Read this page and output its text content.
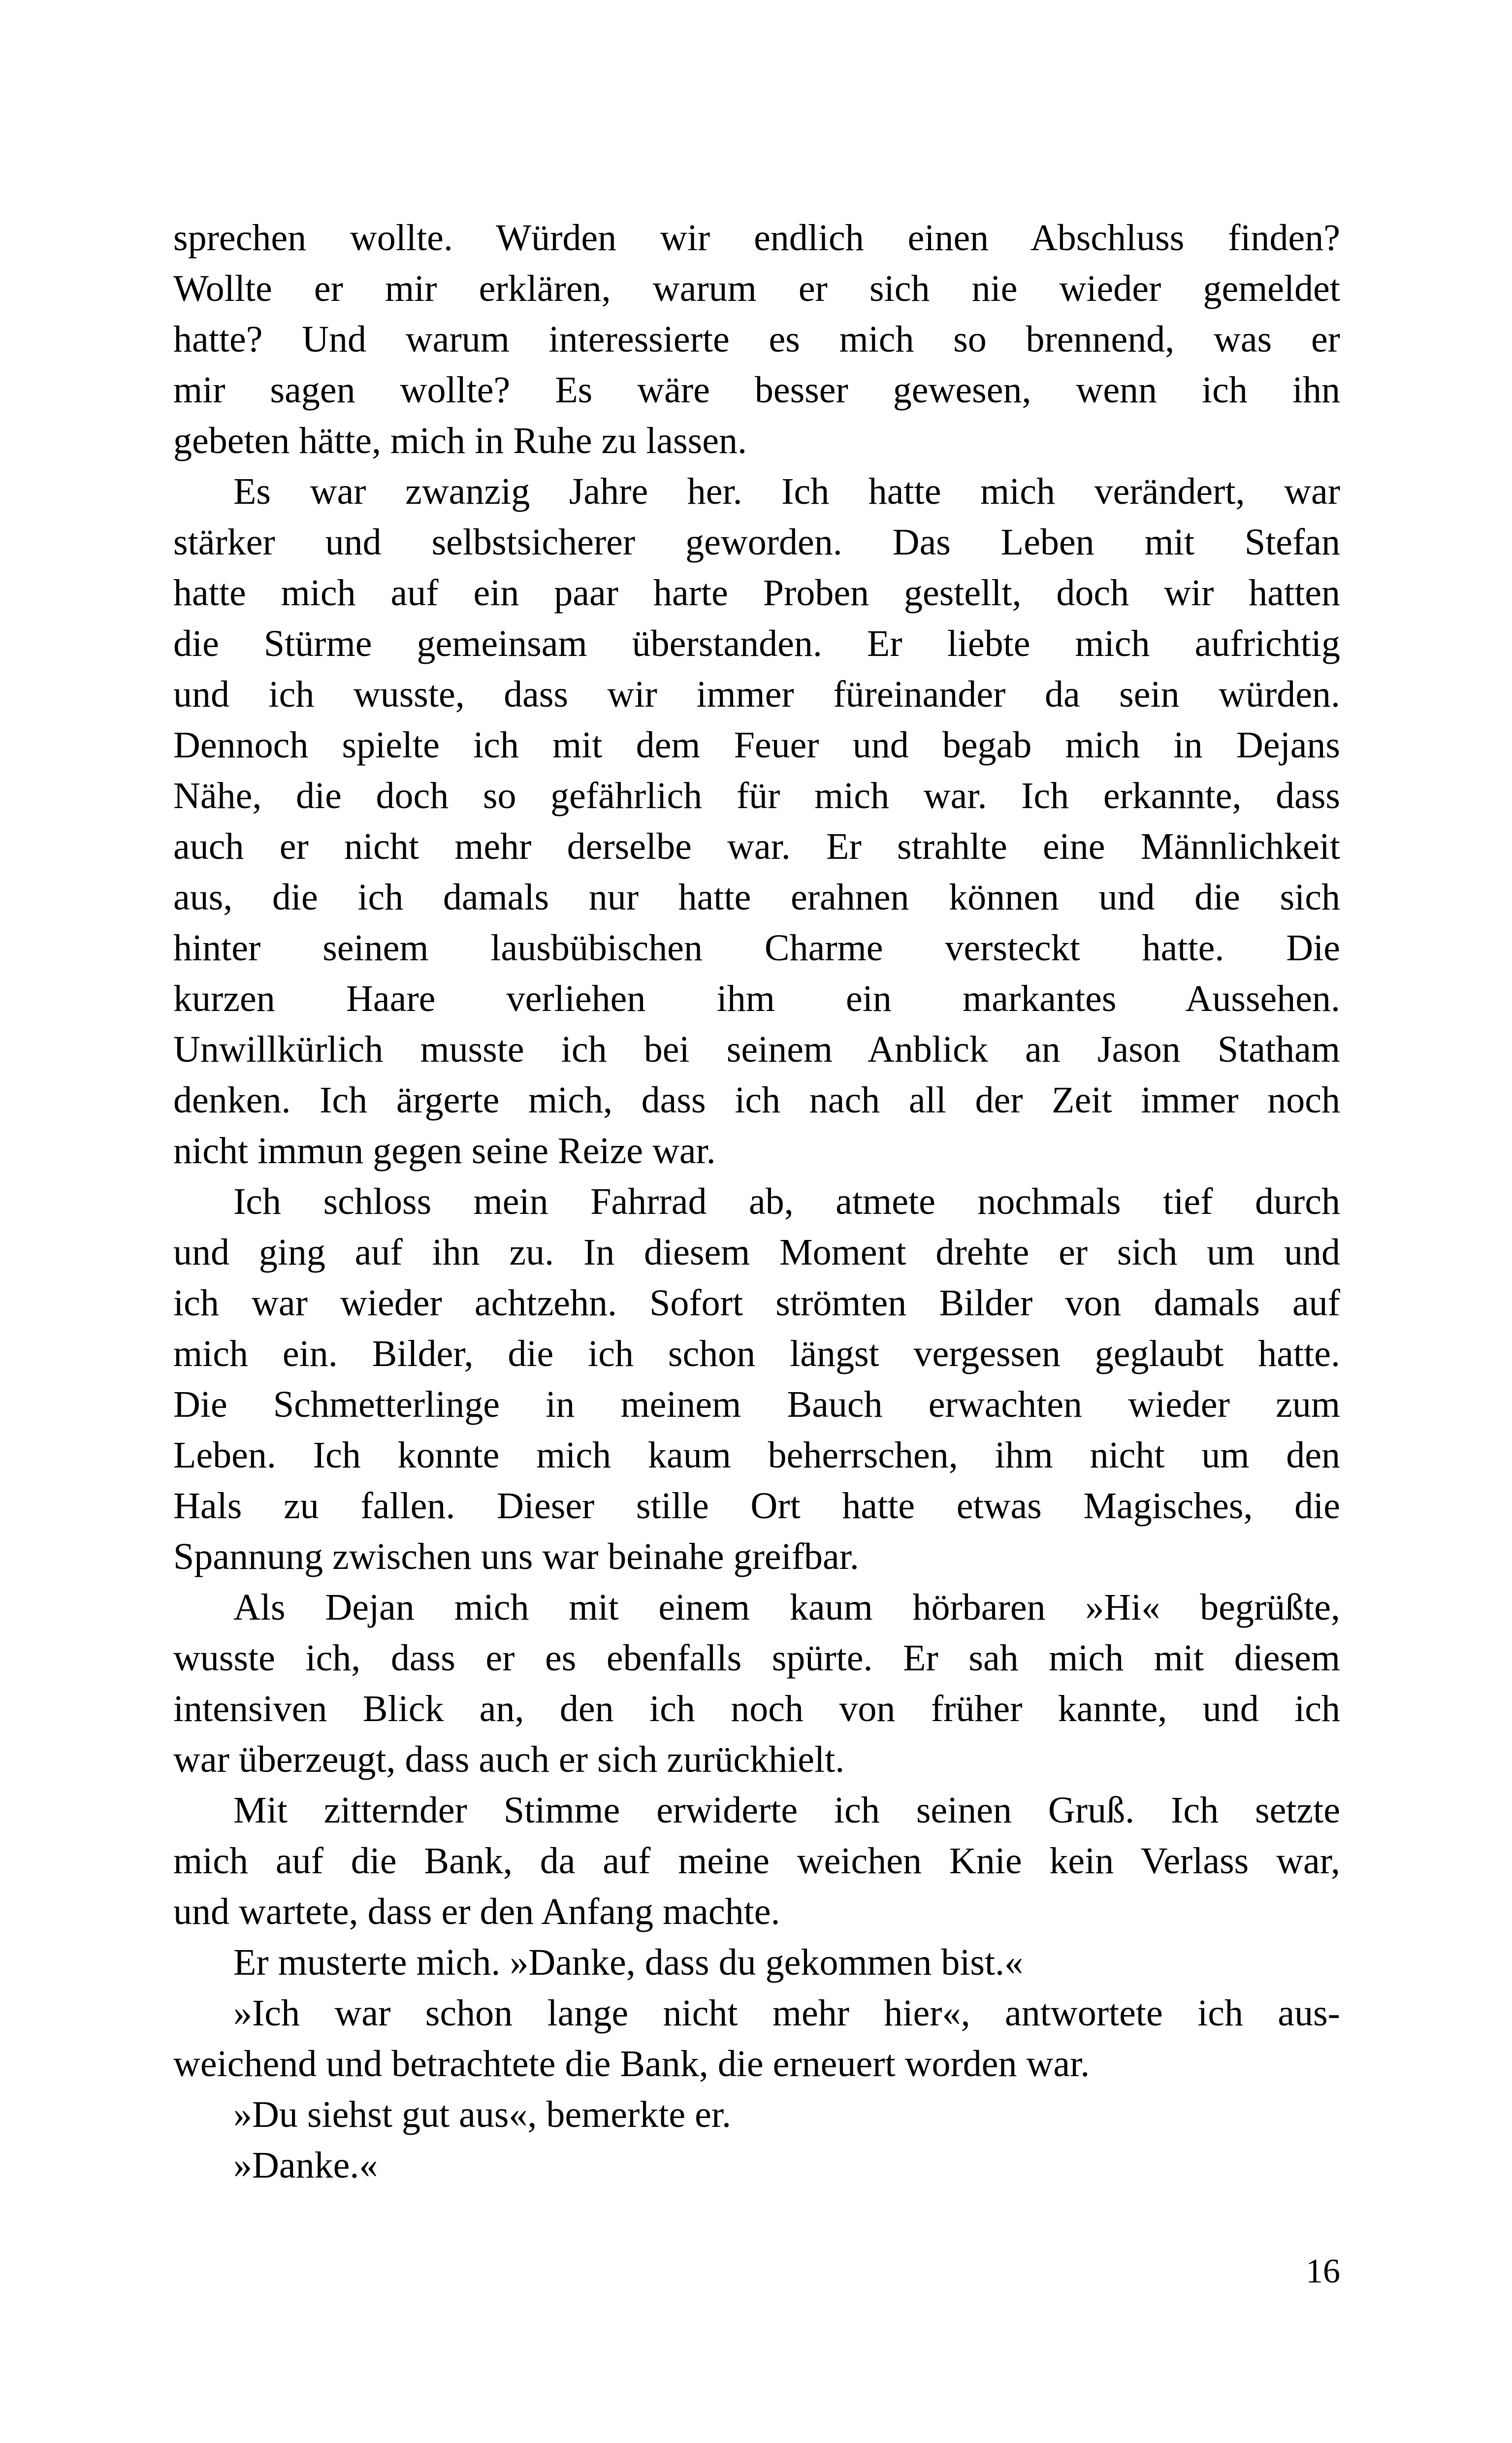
sprechen wollte. Würden wir endlich einen Abschluss finden?
Wollte er mir erklären, warum er sich nie wieder gemeldet
hatte? Und warum interessierte es mich so brennend, was er
mir sagen wollte? Es wäre besser gewesen, wenn ich ihn
gebeten hätte, mich in Ruhe zu lassen.
Es war zwanzig Jahre her. Ich hatte mich verändert, war
stärker und selbstsicherer geworden. Das Leben mit Stefan
hatte mich auf ein paar harte Proben gestellt, doch wir hatten
die Stürme gemeinsam überstanden. Er liebte mich aufrichtig
und ich wusste, dass wir immer füreinander da sein würden.
Dennoch spielte ich mit dem Feuer und begab mich in Dejans
Nähe, die doch so gefährlich für mich war. Ich erkannte, dass
auch er nicht mehr derselbe war. Er strahlte eine Männlichkeit
aus, die ich damals nur hatte erahnen können und die sich
hinter seinem lausbübischen Charme versteckt hatte. Die
kurzen Haare verliehen ihm ein markantes Aussehen.
Unwillkürlich musste ich bei seinem Anblick an Jason Statham
denken. Ich ärgerte mich, dass ich nach all der Zeit immer noch
nicht immun gegen seine Reize war.
Ich schloss mein Fahrrad ab, atmete nochmals tief durch
und ging auf ihn zu. In diesem Moment drehte er sich um und
ich war wieder achtzehn. Sofort strömten Bilder von damals auf
mich ein. Bilder, die ich schon längst vergessen geglaubt hatte.
Die Schmetterlinge in meinem Bauch erwachten wieder zum
Leben. Ich konnte mich kaum beherrschen, ihm nicht um den
Hals zu fallen. Dieser stille Ort hatte etwas Magisches, die
Spannung zwischen uns war beinahe greifbar.
Als Dejan mich mit einem kaum hörbaren »Hi« begrüßte,
wusste ich, dass er es ebenfalls spürte. Er sah mich mit diesem
intensiven Blick an, den ich noch von früher kannte, und ich
war überzeugt, dass auch er sich zurückhielt.
Mit zitternder Stimme erwiderte ich seinen Gruß. Ich setzte
mich auf die Bank, da auf meine weichen Knie kein Verlass war,
und wartete, dass er den Anfang machte.
Er musterte mich. »Danke, dass du gekommen bist.«
»Ich war schon lange nicht mehr hier«, antwortete ich aus-
weichend und betrachtete die Bank, die erneuert worden war.
»Du siehst gut aus«, bemerkte er.
»Danke.«
16
